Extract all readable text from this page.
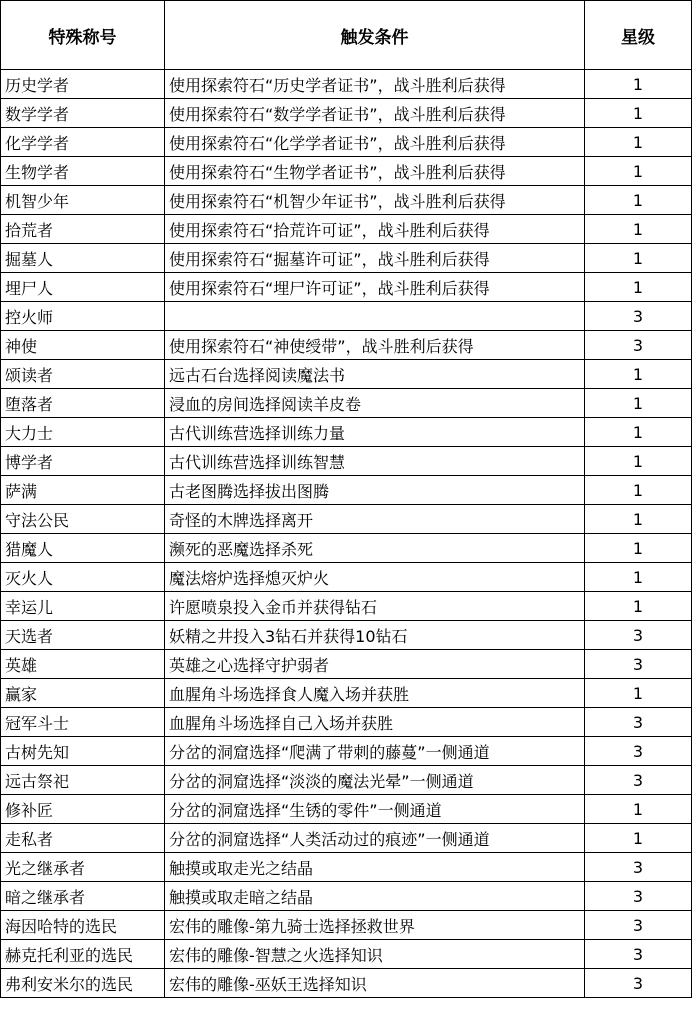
特殊称号	触发条件	星级
历史学者	使用探索符石“历史学者证书”，战斗胜利后获得	1
数学学者	使用探索符石“数学学者证书”，战斗胜利后获得	1
化学学者	使用探索符石“化学学者证书”，战斗胜利后获得	1
生物学者	使用探索符石“生物学者证书”，战斗胜利后获得	1
机智少年	使用探索符石“机智少年证书”，战斗胜利后获得	1
拾荒者	使用探索符石“拾荒许可证”，战斗胜利后获得	1
掘墓人	使用探索符石“掘墓许可证”，战斗胜利后获得	1
埋尸人	使用探索符石“埋尸许可证”，战斗胜利后获得	1
控火师		3
神使	使用探索符石“神使绶带”，战斗胜利后获得	3
颂读者	远古石台选择阅读魔法书	1
堕落者	浸血的房间选择阅读羊皮卷	1
大力士	古代训练营选择训练力量	1
博学者	古代训练营选择训练智慧	1
萨满	古老图腾选择拔出图腾	1
守法公民	奇怪的木牌选择离开	1
猎魔人	濒死的恶魔选择杀死	1
灭火人	魔法熔炉选择熄灭炉火	1
幸运儿	许愿喷泉投入金币并获得钻石	1
天选者	妖精之井投入3钻石并获得10钻石	3
英雄	英雄之心选择守护弱者	3
赢家	血腥角斗场选择食人魔入场并获胜	1
冠军斗士	血腥角斗场选择自己入场并获胜	3
古树先知	分岔的洞窟选择“爬满了带刺的藤蔓”一侧通道	3
远古祭祀	分岔的洞窟选择“淡淡的魔法光晕”一侧通道	3
修补匠	分岔的洞窟选择“生锈的零件”一侧通道	1
走私者	分岔的洞窟选择“人类活动过的痕迹”一侧通道	1
光之继承者	触摸或取走光之结晶	3
暗之继承者	触摸或取走暗之结晶	3
海因哈特的选民	宏伟的雕像-第九骑士选择拯救世界	3
赫克托利亚的选民	宏伟的雕像-智慧之火选择知识	3
弗利安米尔的选民	宏伟的雕像-巫妖王选择知识	3
